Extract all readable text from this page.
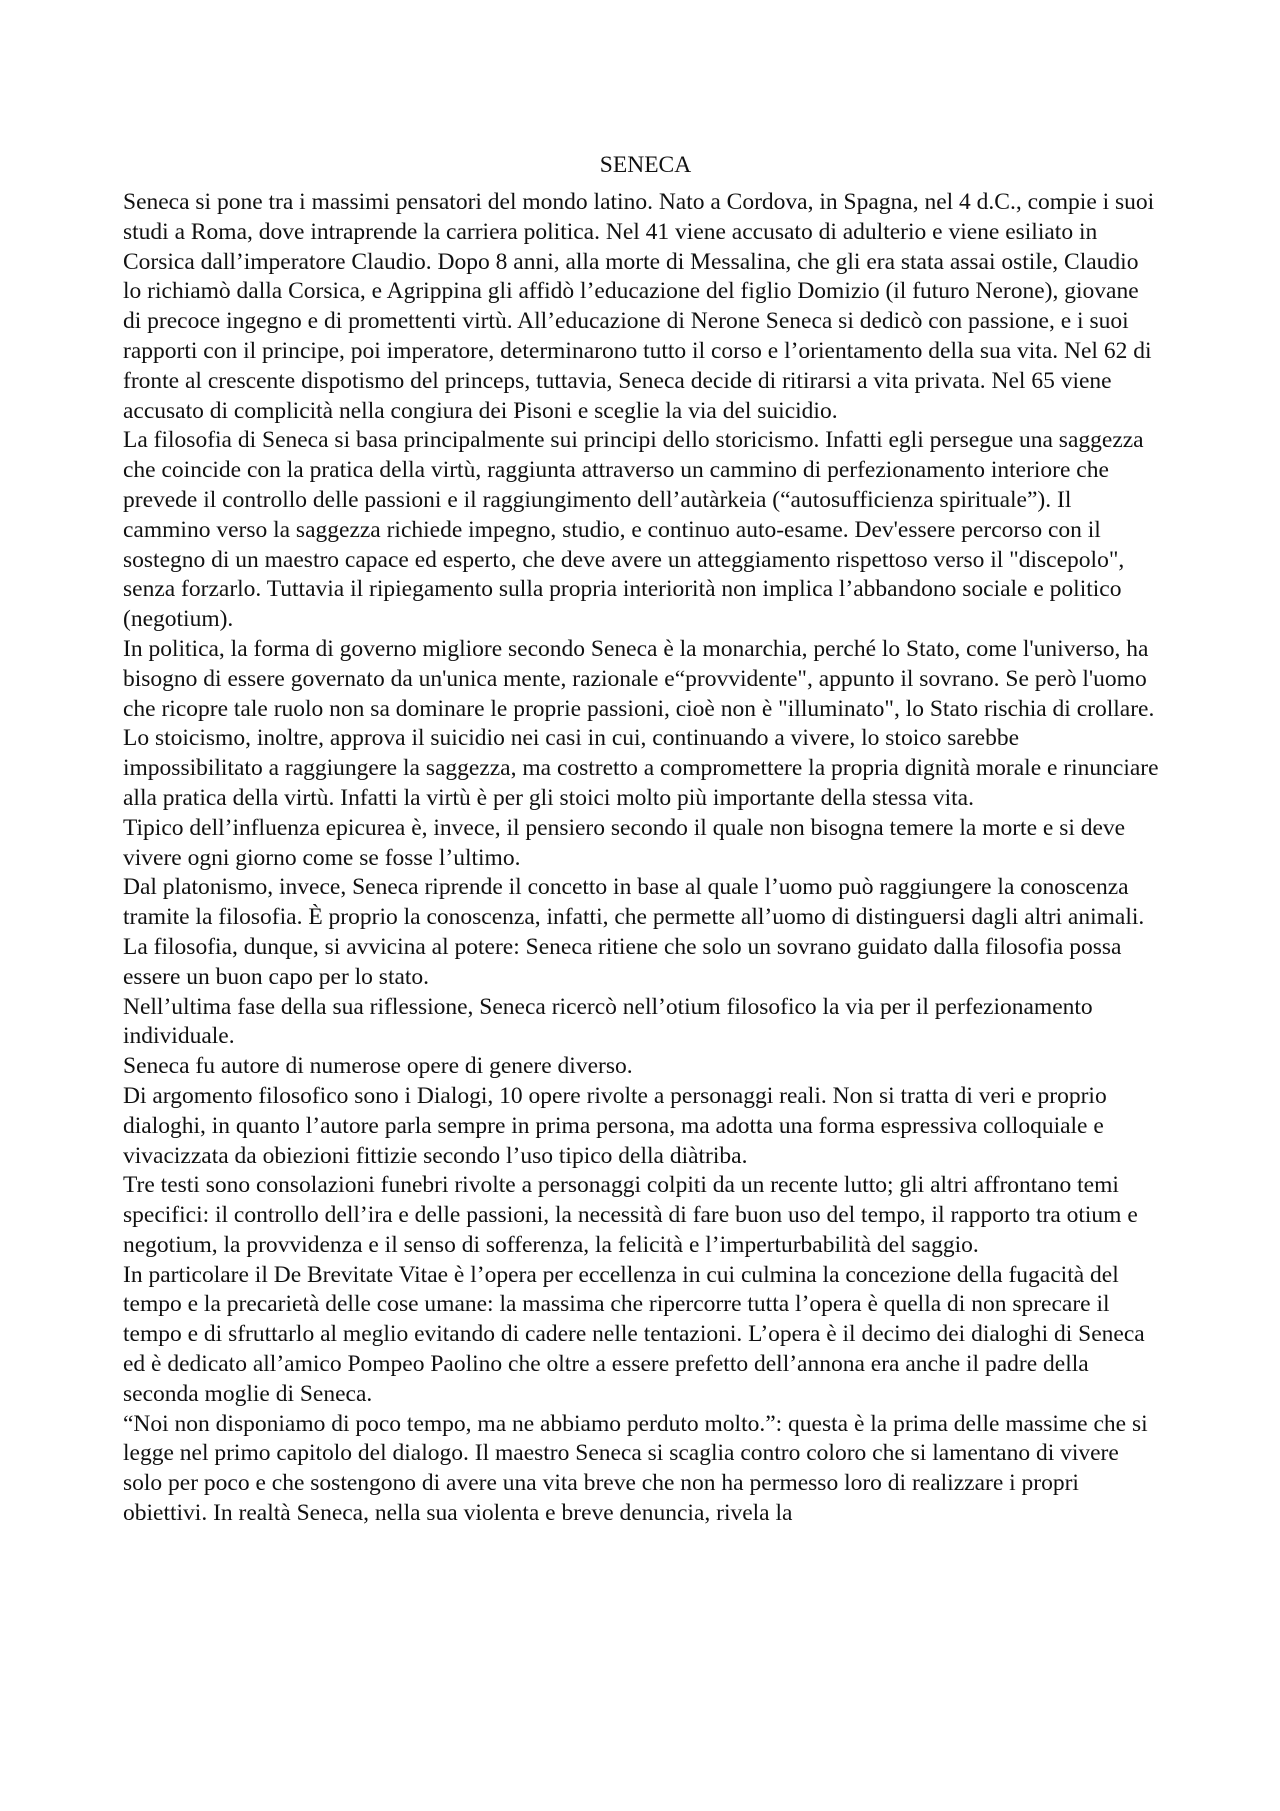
SENECA

Seneca si pone tra i massimi pensatori del mondo latino. Nato a Cordova, in Spagna, nel 4 d.C., compie i suoi studi a Roma, dove intraprende la carriera politica. Nel 41 viene accusato di adulterio e viene esiliato in Corsica dall’imperatore Claudio. Dopo 8 anni, alla morte di Messalina, che gli era stata assai ostile, Claudio lo richiamò dalla Corsica, e Agrippina gli affidò l’educazione del figlio Domizio (il futuro Nerone), giovane di precoce ingegno e di promettenti virtù. All’educazione di Nerone Seneca si dedicò con passione, e i suoi rapporti con il principe, poi imperatore, determinarono tutto il corso e l’orientamento della sua vita. Nel 62 di fronte al crescente dispotismo del princeps, tuttavia, Seneca decide di ritirarsi a vita privata. Nel 65 viene accusato di complicità nella congiura dei Pisoni e sceglie la via del suicidio.

La filosofia di Seneca si basa principalmente sui principi dello storicismo. Infatti egli persegue una saggezza che coincide con la pratica della virtù, raggiunta attraverso un cammino di perfezionamento interiore che prevede il controllo delle passioni e il raggiungimento dell’autàrkeia (“autosufficienza spirituale”). Il cammino verso la saggezza richiede impegno, studio, e continuo auto-esame. Dev'essere percorso con il sostegno di un maestro capace ed esperto, che deve avere un atteggiamento rispettoso verso il "discepolo", senza forzarlo. Tuttavia il ripiegamento sulla propria interiorità non implica l’abbandono sociale e politico (negotium).

In politica, la forma di governo migliore secondo Seneca è la monarchia, perché lo Stato, come l'universo, ha bisogno di essere governato da un'unica mente, razionale e“provvidente", appunto il sovrano. Se però l'uomo che ricopre tale ruolo non sa dominare le proprie passioni, cioè non è "illuminato", lo Stato rischia di crollare.

Lo stoicismo, inoltre, approva il suicidio nei casi in cui, continuando a vivere, lo stoico sarebbe impossibilitato a raggiungere la saggezza, ma costretto a compromettere la propria dignità morale e rinunciare alla pratica della virtù. Infatti la virtù è per gli stoici molto più importante della stessa vita.

Tipico dell’influenza epicurea è, invece, il pensiero secondo il quale non bisogna temere la morte e si deve vivere ogni giorno come se fosse l’ultimo.

Dal platonismo, invece, Seneca riprende il concetto in base al quale l’uomo può raggiungere la conoscenza tramite la filosofia. È proprio la conoscenza, infatti, che permette all’uomo di distinguersi dagli altri animali.

La filosofia, dunque, si avvicina al potere: Seneca ritiene che solo un sovrano guidato dalla filosofia possa essere un buon capo per lo stato.

Nell’ultima fase della sua riflessione, Seneca ricercò nell’otium filosofico la via per il perfezionamento individuale.

Seneca fu autore di numerose opere di genere diverso.

Di argomento filosofico sono i Dialogi, 10 opere rivolte a personaggi reali. Non si tratta di veri e proprio dialoghi, in quanto l’autore parla sempre in prima persona, ma adotta una forma espressiva colloquiale e vivacizzata da obiezioni fittizie secondo l’uso tipico della diàtriba.

Tre testi sono consolazioni funebri rivolte a personaggi colpiti da un recente lutto; gli altri affrontano temi specifici: il controllo dell’ira e delle passioni, la necessità di fare buon uso del tempo, il rapporto tra otium e negotium, la provvidenza e il senso di sofferenza, la felicità e l’imperturbabilità del saggio.

In particolare il De Brevitate Vitae è l’opera per eccellenza in cui culmina la concezione della fugacità del tempo e la precarietà delle cose umane: la massima che ripercorre tutta l’opera è quella di non sprecare il tempo e di sfruttarlo al meglio evitando di cadere nelle tentazioni. L’opera è il decimo dei dialoghi di Seneca ed è dedicato all’amico Pompeo Paolino che oltre a essere prefetto dell’annona era anche il padre della seconda moglie di Seneca.

“Noi non disponiamo di poco tempo, ma ne abbiamo perduto molto.”: questa è la prima delle massime che si legge nel primo capitolo del dialogo. Il maestro Seneca si scaglia contro coloro che si lamentano di vivere solo per poco e che sostengono di avere una vita breve che non ha permesso loro di realizzare i propri obiettivi. In realtà Seneca, nella sua violenta e breve denuncia, rivela la
